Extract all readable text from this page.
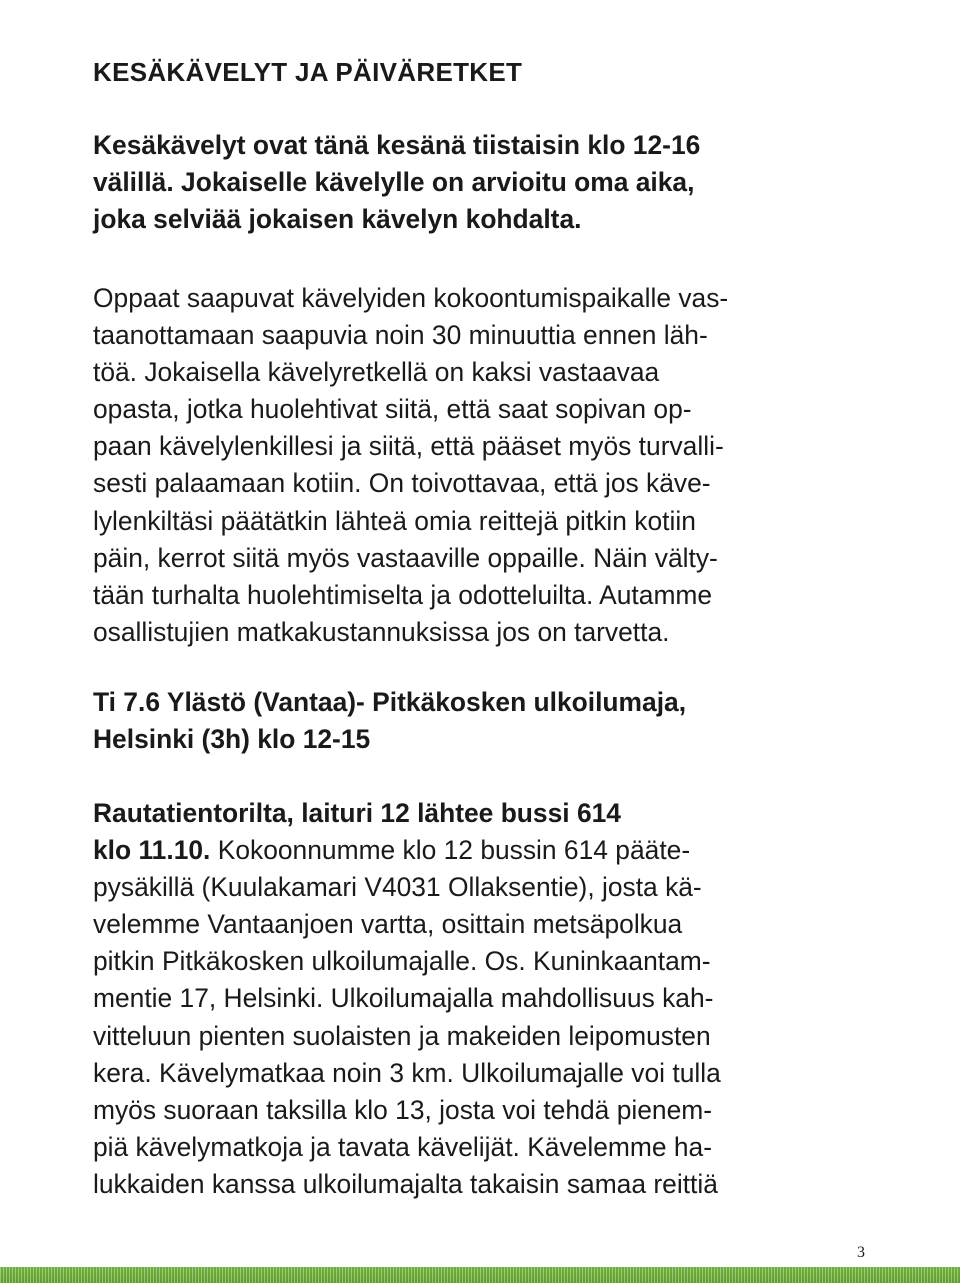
KESÄKÄVELYT JA PÄIVÄRETKET

Kesäkävelyt ovat tänä kesänä tiistaisin klo 12-16
välillä. Jokaiselle kävelylle on arvioitu oma aika,
joka selviää jokaisen kävelyn kohdalta.

Oppaat saapuvat kävelyiden kokoontumispaikalle vas-
taanottamaan saapuvia noin 30 minuuttia ennen läh-
töä. Jokaisella kävelyretkellä on kaksi vastaavaa
opasta, jotka huolehtivat siitä, että saat sopivan op-
paan kävelylenkillesi ja siitä, että pääset myös turvalli-
sesti palaamaan kotiin. On toivottavaa, että jos käve-
lylenkiltäsi päätätkin lähteä omia reittejä pitkin kotiin
päin, kerrot siitä myös vastaaville oppaille. Näin välty-
tään turhalta huolehtimiselta ja odotteluilta. Autamme
osallistujien matkakustannuksissa jos on tarvetta.

Ti 7.6 Ylästö (Vantaa)- Pitkäkosken ulkoilumaja,
Helsinki (3h) klo 12-15

Rautatientorilta, laituri 12 lähtee bussi 614
klo 11.10. Kokoonnumme klo 12 bussin 614 pääte-
pysäkillä (Kuulakamari V4031 Ollaksentie), josta kä-
velemme Vantaanjoen vartta, osittain metsäpolkua
pitkin Pitkäkosken ulkoilumajalle. Os. Kuninkaantam-
mentie 17, Helsinki. Ulkoilumajalla mahdollisuus kah-
vitteluun pienten suolaisten ja makeiden leipomusten
kera. Kävelymatkaa noin 3 km. Ulkoilumajalle voi tulla
myös suoraan taksilla klo 13, josta voi tehdä pienem-
piä kävelymatkoja ja tavata kävelijät. Kävelemme ha-
lukkaiden kanssa ulkoilumajalta takaisin samaa reittiä

3
